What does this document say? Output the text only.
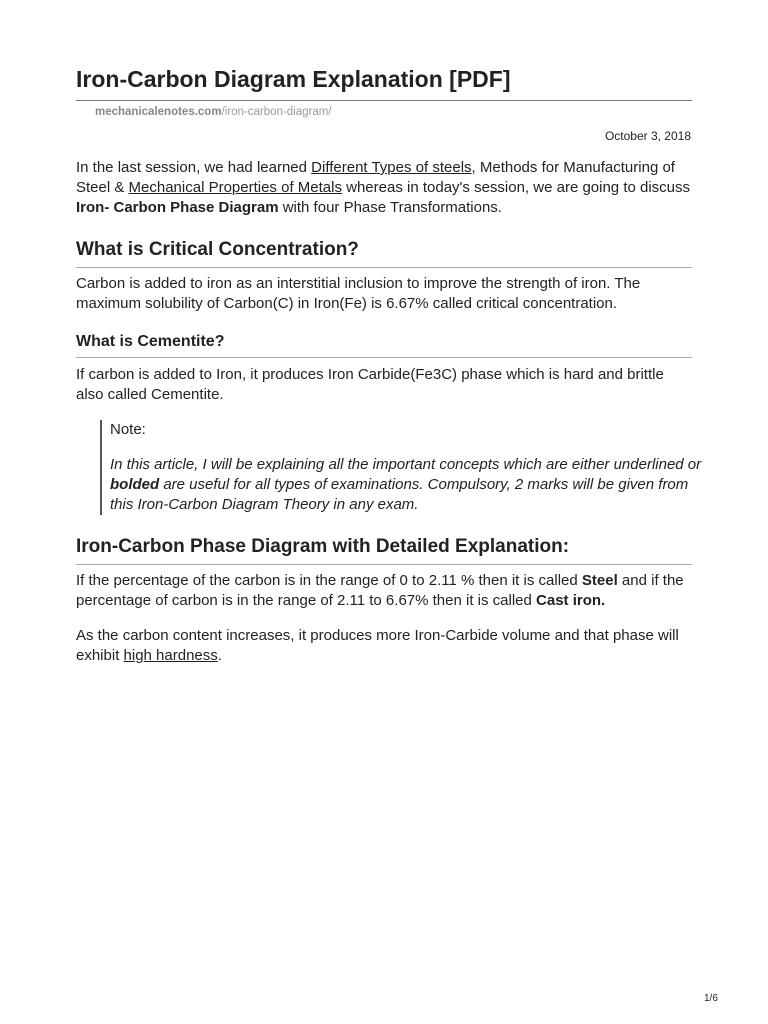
Iron-Carbon Diagram Explanation [PDF]
mechanicalenotes.com/iron-carbon-diagram/
October 3, 2018

In the last session, we had learned Different Types of steels, Methods for Manufacturing of Steel & Mechanical Properties of Metals whereas in today's session, we are going to discuss Iron- Carbon Phase Diagram with four Phase Transformations.

What is Critical Concentration?

Carbon is added to iron as an interstitial inclusion to improve the strength of iron. The maximum solubility of Carbon(C) in Iron(Fe) is 6.67% called critical concentration.

What is Cementite?

If carbon is added to Iron, it produces Iron Carbide(Fe3C) phase which is hard and brittle also called Cementite.

Note:

In this article, I will be explaining all the important concepts which are either underlined or bolded are useful for all types of examinations. Compulsory, 2 marks will be given from this Iron-Carbon Diagram Theory in any exam.

Iron-Carbon Phase Diagram with Detailed Explanation:

If the percentage of the carbon is in the range of 0 to 2.11 % then it is called Steel and if the percentage of carbon is in the range of 2.11 to 6.67% then it is called Cast iron.

As the carbon content increases, it produces more Iron-Carbide volume and that phase will exhibit high hardness.

1/6
